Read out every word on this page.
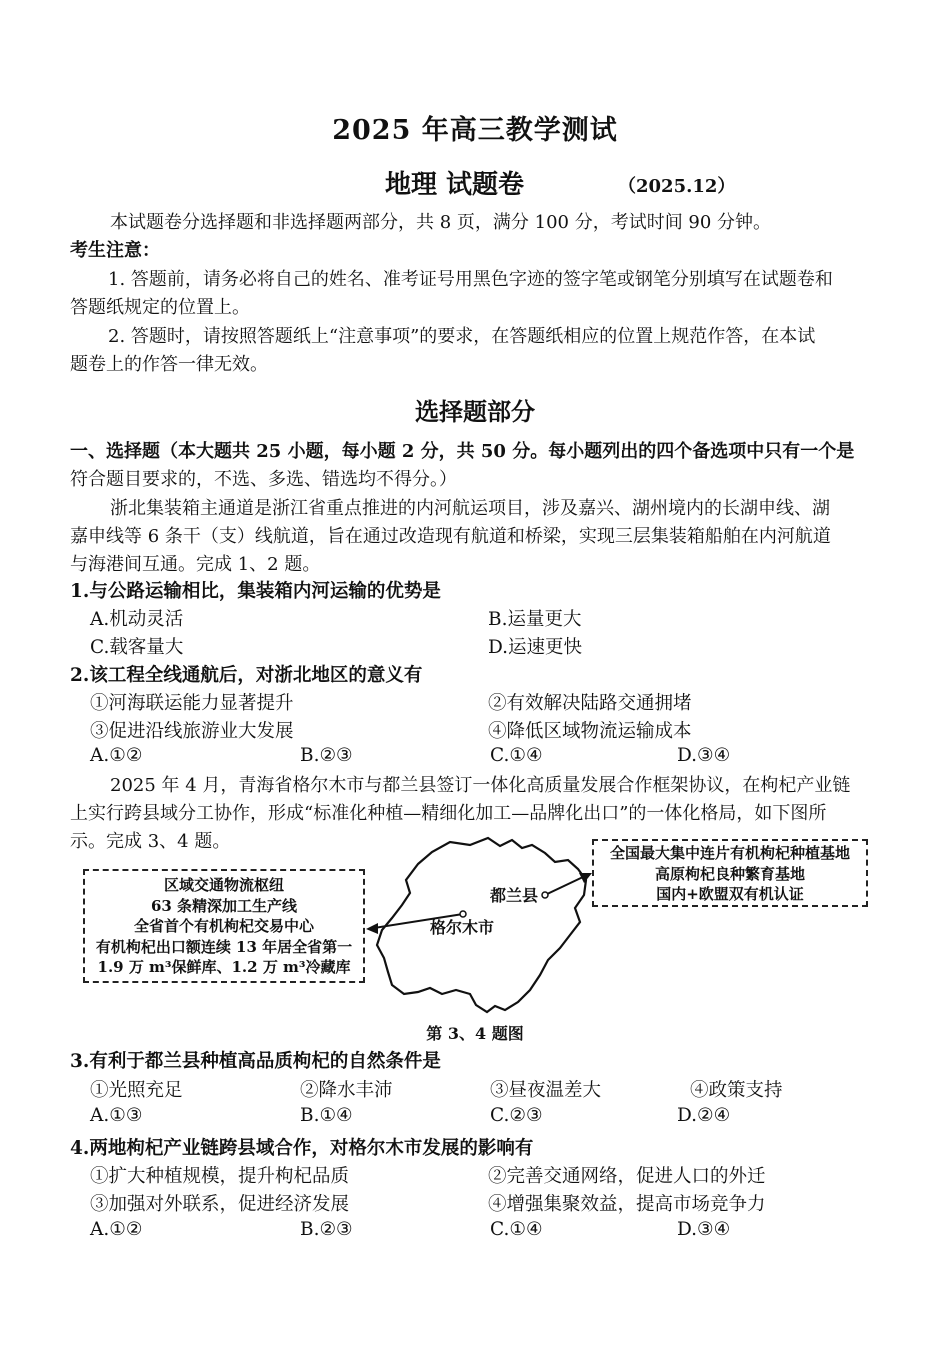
2025 年高三教学测试
地理 试题卷	（2025.12）
本试题卷分选择题和非选择题两部分，共 8 页，满分 100 分，考试时间 90 分钟。
考生注意：
1. 答题前，请务必将自己的姓名、准考证号用黑色字迹的签字笔或钢笔分别填写在试题卷和
答题纸规定的位置上。
2. 答题时，请按照答题纸上“注意事项”的要求，在答题纸相应的位置上规范作答，在本试
题卷上的作答一律无效。
选择题部分
一、选择题（本大题共 25 小题，每小题 2 分，共 50 分。每小题列出的四个备选项中只有一个是
符合题目要求的，不选、多选、错选均不得分。）
浙北集装箱主通道是浙江省重点推进的内河航运项目，涉及嘉兴、湖州境内的长湖申线、湖
嘉申线等 6 条干（支）线航道，旨在通过改造现有航道和桥梁，实现三层集装箱船舶在内河航道
与海港间互通。完成 1、2 题。
1.与公路运输相比，集装箱内河运输的优势是
A.机动灵活	B.运量更大
C.载客量大	D.运速更快
2.该工程全线通航后，对浙北地区的意义有
①河海联运能力显著提升	②有效解决陆路交通拥堵
③促进沿线旅游业大发展	④降低区域物流运输成本
A.①②	B.②③	C.①④	D.③④
2025 年 4 月，青海省格尔木市与都兰县签订一体化高质量发展合作框架协议，在枸杞产业链
上实行跨县域分工协作，形成“标准化种植—精细化加工—品牌化出口”的一体化格局，如下图所
示。完成 3、4 题。
都兰县
格尔木市
区域交通物流枢纽
63 条精深加工生产线
全省首个有机枸杞交易中心
有机枸杞出口额连续 13 年居全省第一
1.9 万 m³保鲜库、1.2 万 m³冷藏库
全国最大集中连片有机枸杞种植基地
高原枸杞良种繁育基地
国内+欧盟双有机认证
第 3、4 题图
3.有利于都兰县种植高品质枸杞的自然条件是
①光照充足	②降水丰沛	③昼夜温差大	④政策支持
A.①③	B.①④	C.②③	D.②④
4.两地枸杞产业链跨县域合作，对格尔木市发展的影响有
①扩大种植规模，提升枸杞品质	②完善交通网络，促进人口的外迁
③加强对外联系，促进经济发展	④增强集聚效益，提高市场竞争力
A.①②	B.②③	C.①④	D.③④
